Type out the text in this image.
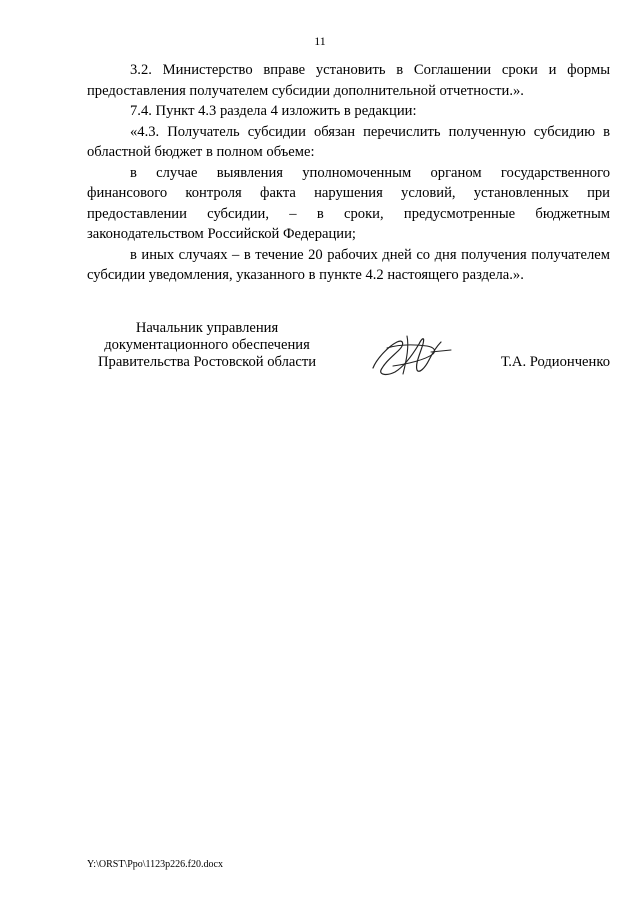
11

3.2. Министерство вправе установить в Соглашении сроки и формы предоставления получателем субсидии дополнительной отчетности.».

7.4. Пункт 4.3 раздела 4 изложить в редакции:

«4.3. Получатель субсидии обязан перечислить полученную субсидию в областной бюджет в полном объеме:

в случае выявления уполномоченным органом государственного финансового контроля факта нарушения условий, установленных при предоставлении субсидии, – в сроки, предусмотренные бюджетным законодательством Российской Федерации;

в иных случаях – в течение 20 рабочих дней со дня получения получателем субсидии уведомления, указанного в пункте 4.2 настоящего раздела.».

Начальник управления
документационного обеспечения
Правительства Ростовской области	Т.А. Родионченко
Y:\ORST\Ppo\1123p226.f20.docx
